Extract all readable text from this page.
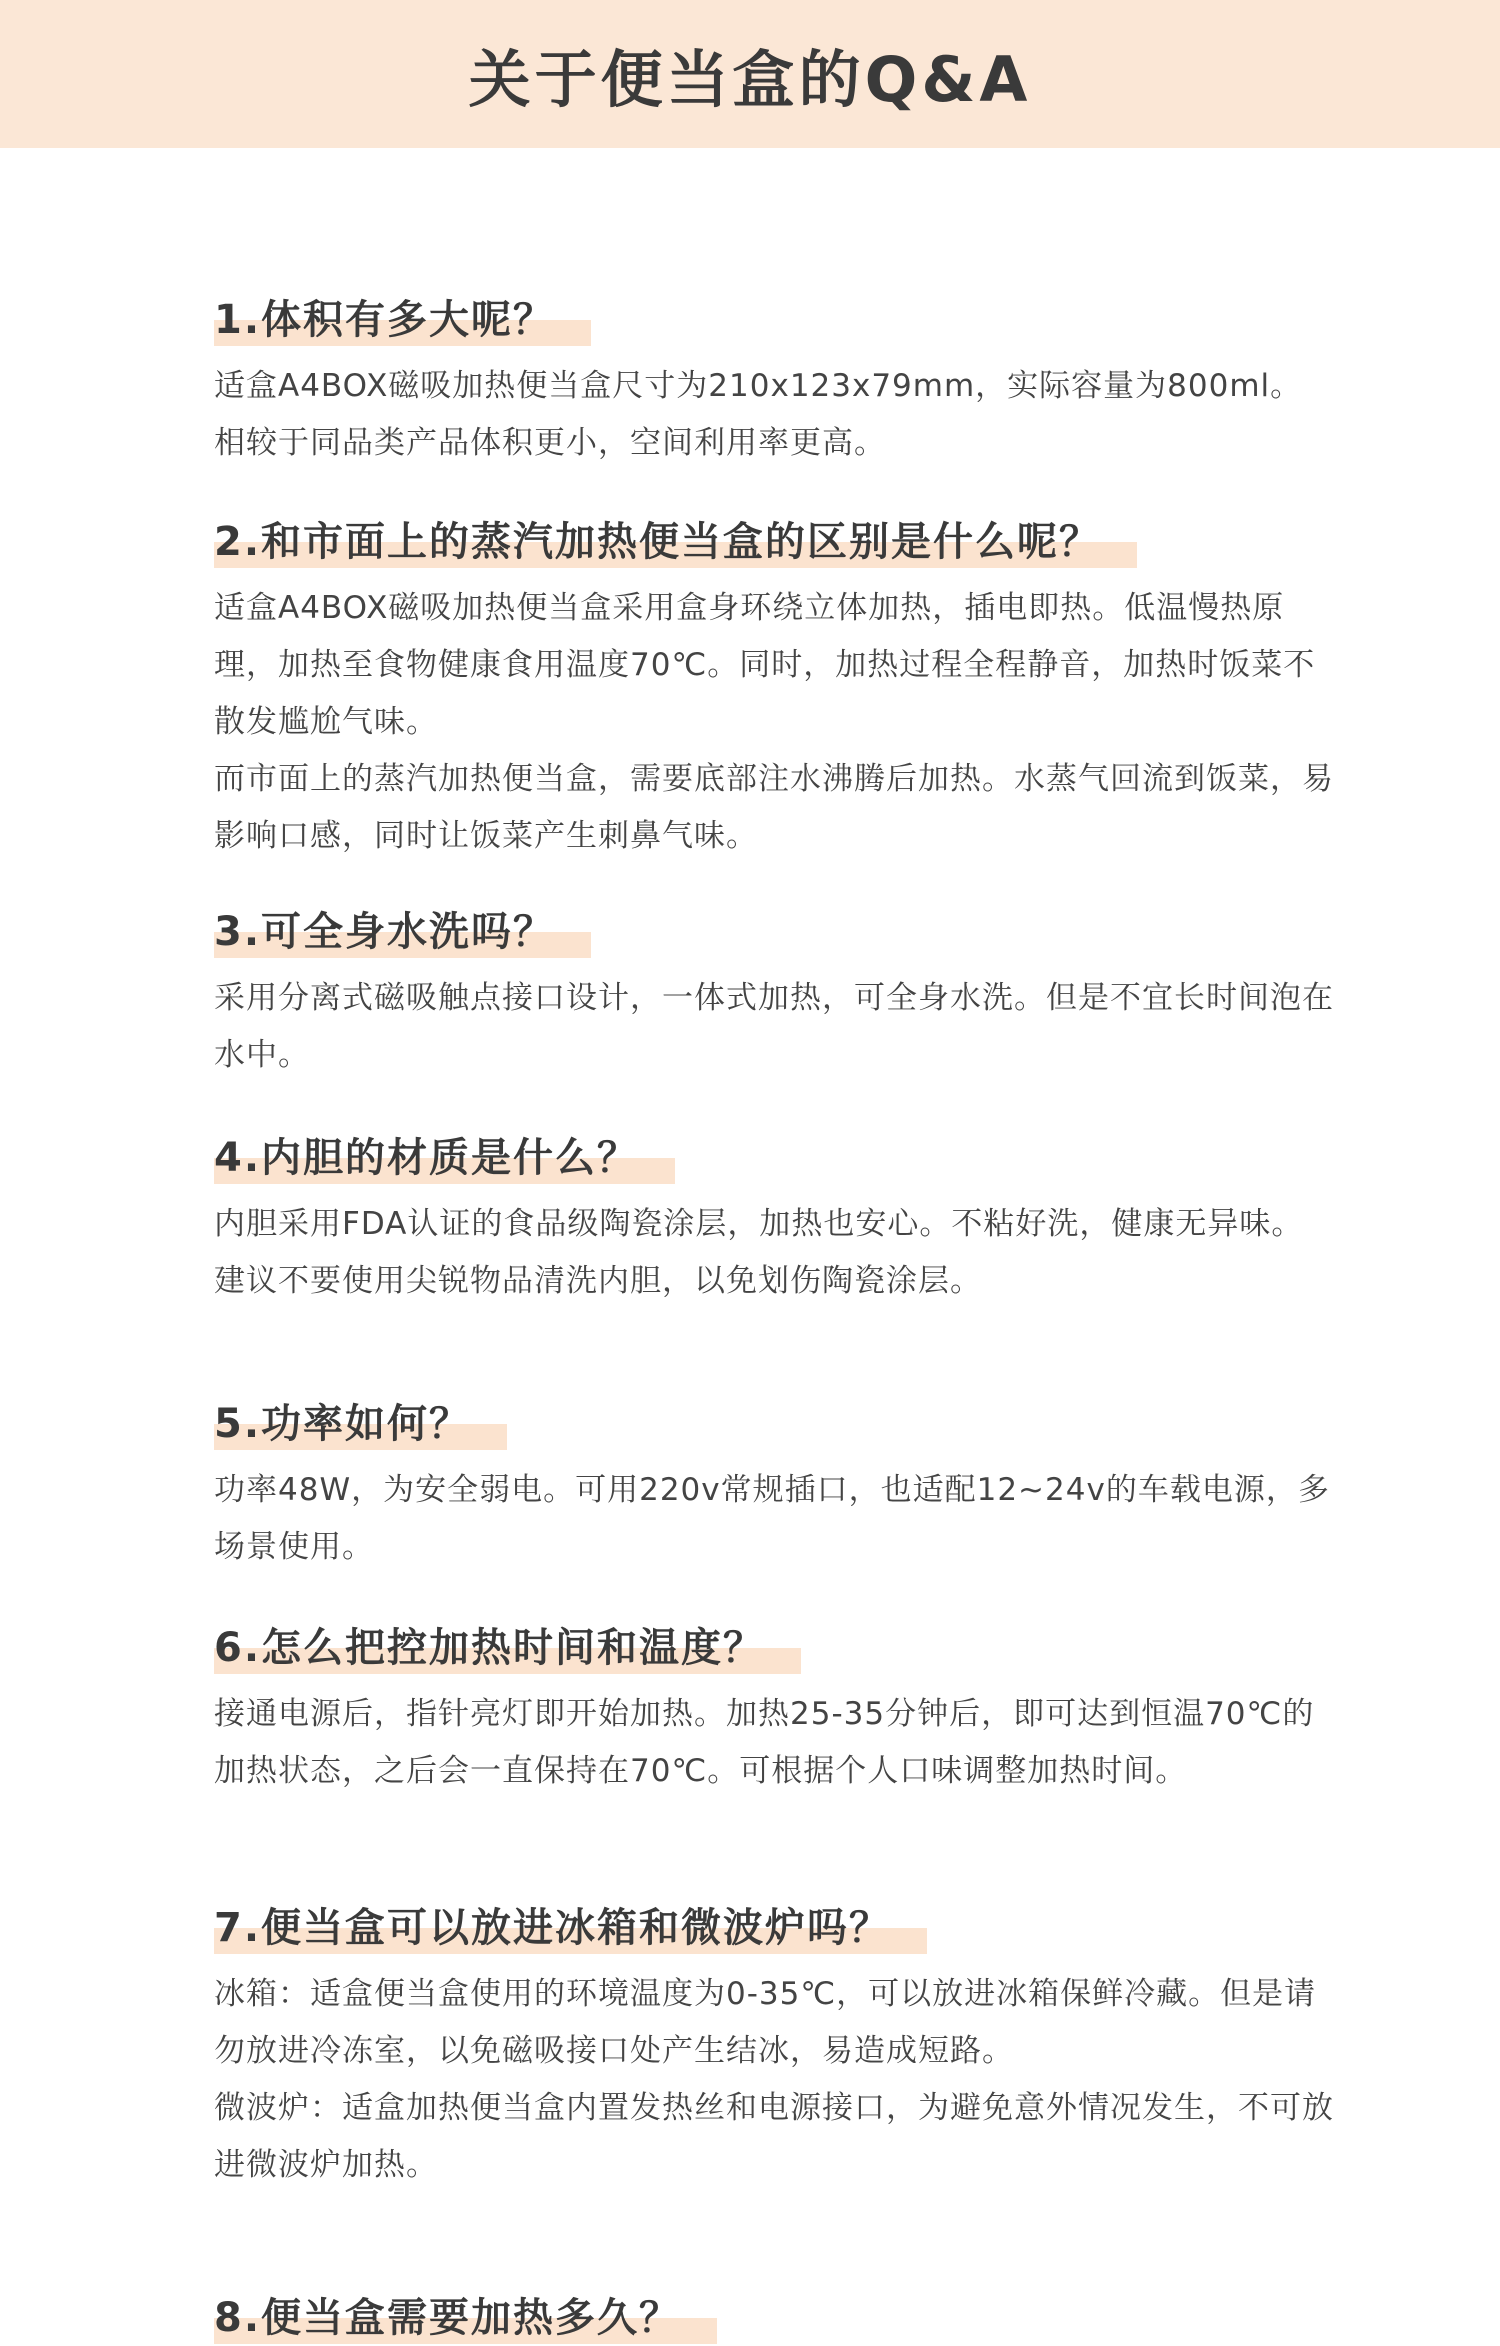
关于便当盒的Q&A
1.体积有多大呢？

适盒A4BOX磁吸加热便当盒尺寸为210x123x79mm，实际容量为800ml。相较于同品类产品体积更小，空间利用率更高。

2.和市面上的蒸汽加热便当盒的区别是什么呢？

适盒A4BOX磁吸加热便当盒采用盒身环绕立体加热，插电即热。低温慢热原理，加热至食物健康食用温度70℃。同时，加热过程全程静音，加热时饭菜不散发尴尬气味。

而市面上的蒸汽加热便当盒，需要底部注水沸腾后加热。水蒸气回流到饭菜，易影响口感，同时让饭菜产生刺鼻气味。

3.可全身水洗吗？

采用分离式磁吸触点接口设计，一体式加热，可全身水洗。但是不宜长时间泡在水中。

4.内胆的材质是什么？

内胆采用FDA认证的食品级陶瓷涂层，加热也安心。不粘好洗，健康无异味。建议不要使用尖锐物品清洗内胆，以免划伤陶瓷涂层。

5.功率如何？

功率48W，为安全弱电。可用220v常规插口，也适配12~24v的车载电源，多场景使用。

6.怎么把控加热时间和温度？

接通电源后，指针亮灯即开始加热。加热25-35分钟后，即可达到恒温70℃的加热状态，之后会一直保持在70℃。可根据个人口味调整加热时间。

7.便当盒可以放进冰箱和微波炉吗？

冰箱：适盒便当盒使用的环境温度为0-35℃，可以放进冰箱保鲜冷藏。但是请勿放进冷冻室，以免磁吸接口处产生结冰，易造成短路。

微波炉：适盒加热便当盒内置发热丝和电源接口，为避免意外情况发生，不可放进微波炉加热。

8.便当盒需要加热多久？
